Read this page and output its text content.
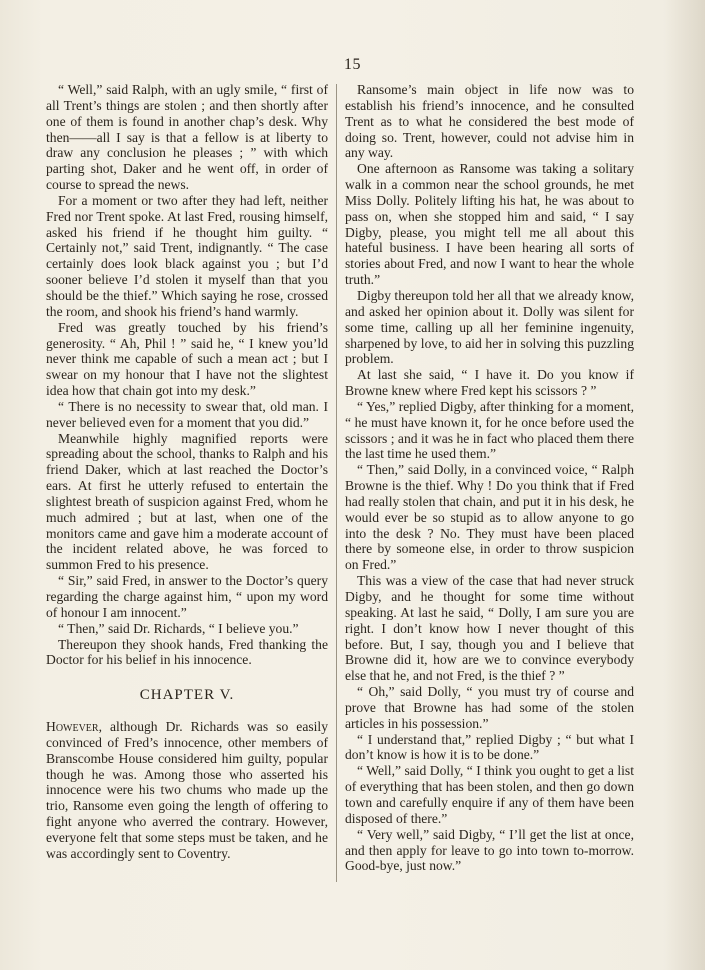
15

“ Well,” said Ralph, with an ugly smile, “ first of all Trent’s things are stolen ; and then shortly after one of them is found in another chap’s desk. Why then——all I say is that a fellow is at liberty to draw any conclusion he pleases ; ” with which parting shot, Daker and he went off, in order of course to spread the news.

For a moment or two after they had left, neither Fred nor Trent spoke. At last Fred, rousing himself, asked his friend if he thought him guilty. “ Certainly not,” said Trent, indignantly. “ The case certainly does look black against you ; but I’d sooner believe I’d stolen it myself than that you should be the thief.” Which saying he rose, crossed the room, and shook his friend’s hand warmly.

Fred was greatly touched by his friend’s generosity. “ Ah, Phil ! ” said he, “ I knew you’ld never think me capable of such a mean act ; but I swear on my honour that I have not the slightest idea how that chain got into my desk.”

“ There is no necessity to swear that, old man. I never believed even for a moment that you did.”

Meanwhile highly magnified reports were spreading about the school, thanks to Ralph and his friend Daker, which at last reached the Doctor’s ears. At first he utterly refused to entertain the slightest breath of suspicion against Fred, whom he much admired ; but at last, when one of the monitors came and gave him a moderate account of the incident related above, he was forced to summon Fred to his presence.

“ Sir,” said Fred, in answer to the Doctor’s query regarding the charge against him, “ upon my word of honour I am innocent.”

“ Then,” said Dr. Richards, “ I believe you.”

Thereupon they shook hands, Fred thanking the Doctor for his belief in his innocence.

CHAPTER V.

However, although Dr. Richards was so easily convinced of Fred’s innocence, other members of Branscombe House considered him guilty, popular though he was. Among those who asserted his innocence were his two chums who made up the trio, Ransome even going the length of offering to fight anyone who averred the contrary. However, everyone felt that some steps must be taken, and he was accordingly sent to Coventry.

Ransome’s main object in life now was to establish his friend’s innocence, and he consulted Trent as to what he considered the best mode of doing so. Trent, however, could not advise him in any way.

One afternoon as Ransome was taking a solitary walk in a common near the school grounds, he met Miss Dolly. Politely lifting his hat, he was about to pass on, when she stopped him and said, “ I say Digby, please, you might tell me all about this hateful business. I have been hearing all sorts of stories about Fred, and now I want to hear the whole truth.”

Digby thereupon told her all that we already know, and asked her opinion about it. Dolly was silent for some time, calling up all her feminine ingenuity, sharpened by love, to aid her in solving this puzzling problem.

At last she said, “ I have it. Do you know if Browne knew where Fred kept his scissors ? ”

“ Yes,” replied Digby, after thinking for a moment, “ he must have known it, for he once before used the scissors ; and it was he in fact who placed them there the last time he used them.”

“ Then,” said Dolly, in a convinced voice, “ Ralph Browne is the thief. Why ! Do you think that if Fred had really stolen that chain, and put it in his desk, he would ever be so stupid as to allow anyone to go into the desk ? No. They must have been placed there by someone else, in order to throw suspicion on Fred.”

This was a view of the case that had never struck Digby, and he thought for some time without speaking. At last he said, “ Dolly, I am sure you are right. I don’t know how I never thought of this before. But, I say, though you and I believe that Browne did it, how are we to convince everybody else that he, and not Fred, is the thief ? ”

“ Oh,” said Dolly, “ you must try of course and prove that Browne has had some of the stolen articles in his possession.”

“ I understand that,” replied Digby ; “ but what I don’t know is how it is to be done.”

“ Well,” said Dolly, “ I think you ought to get a list of everything that has been stolen, and then go down town and carefully enquire if any of them have been disposed of there.”

“ Very well,” said Digby, “ I’ll get the list at once, and then apply for leave to go into town to-morrow. Good-bye, just now.”
